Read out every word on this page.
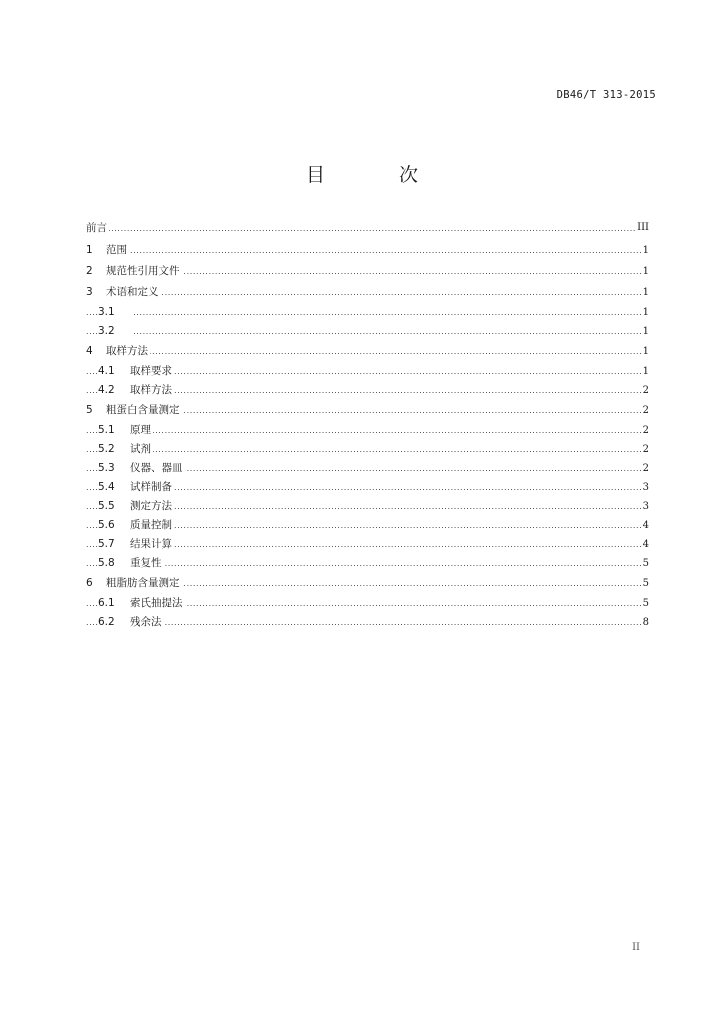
DB46/T 313-2015
目 次
.....
前言	III
.....
1 范围	1
.....
2 规范性引用文件	1
.....
3 术语和定义	1
.....
3.1	1
.....
3.2	1
.....
4 取样方法	1
.....
4.1 取样要求	1
.....
4.2 取样方法	2
.....
5 粗蛋白含量测定	2
.....
5.1 原理	2
.....
5.2 试剂	2
.....
5.3 仪器、器皿	2
.....
5.4 试样制备	3
.....
5.5 测定方法	3
.....
5.6 质量控制	4
.....
5.7 结果计算	4
.....
5.8 重复性	5
.....
6 粗脂肪含量测定	5
.....
6.1 索氏抽提法	5
.....
6.2 残余法	8
II
